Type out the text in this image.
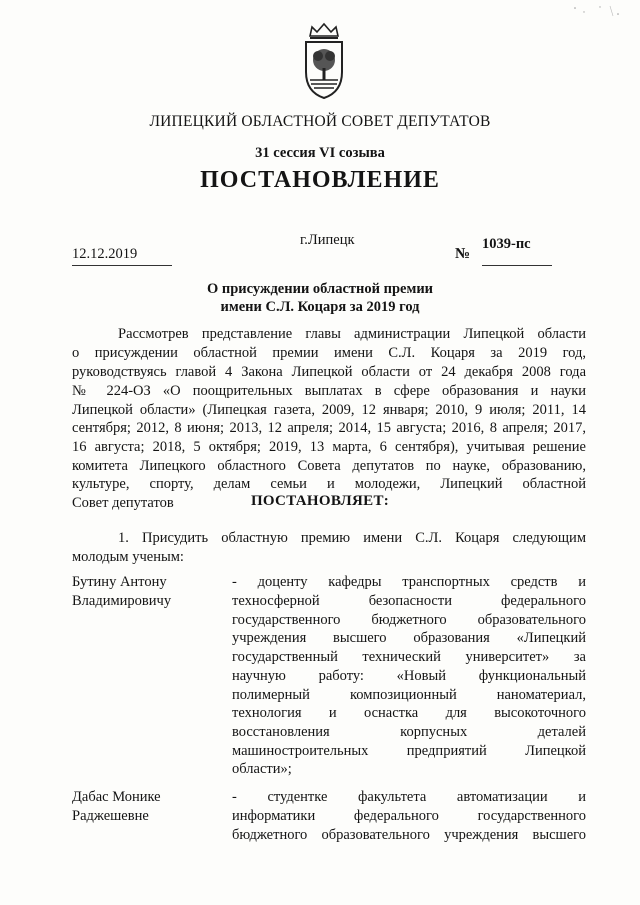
ЛИПЕЦКИЙ ОБЛАСТНОЙ СОВЕТ ДЕПУТАТОВ
31 сессия VI созыва
ПОСТАНОВЛЕНИЕ
г.Липецк
12.12.2019	№
1039-пс
О присуждении областной премии
имени С.Л. Коцаря за 2019 год
Рассмотрев представление главы администрации Липецкой области
о присуждении областной премии имени С.Л. Коцаря за 2019 год,
руководствуясь главой 4 Закона Липецкой области от 24 декабря 2008 года
№ 224-ОЗ «О поощрительных выплатах в сфере образования и науки
Липецкой области» (Липецкая газета, 2009, 12 января; 2010, 9 июля; 2011, 14
сентября; 2012, 8 июня; 2013, 12 апреля; 2014, 15 августа; 2016, 8 апреля; 2017,
16 августа; 2018, 5 октября; 2019, 13 марта, 6 сентября), учитывая решение
комитета Липецкого областного Совета депутатов по науке, образованию,
культуре, спорту, делам семьи и молодежи, Липецкий областной
Совет депутатов	ПОСТАНОВЛЯЕТ:
1. Присудить областную премию имени С.Л. Коцаря следующим
молодым ученым:
Бутину Антону
Владимировичу
- доценту кафедры транспортных средств и
техносферной безопасности федерального
государственного бюджетного образовательного
учреждения высшего образования «Липецкий
государственный технический университет» за
научную работу: «Новый функциональный
полимерный композиционный наноматериал,
технология и оснастка для высокоточного
восстановления корпусных деталей
машиностроительных предприятий Липецкой
области»;
Дабас Монике
Раджешевне
- студентке факультета автоматизации и
информатики федерального государственного
бюджетного образовательного учреждения высшего
